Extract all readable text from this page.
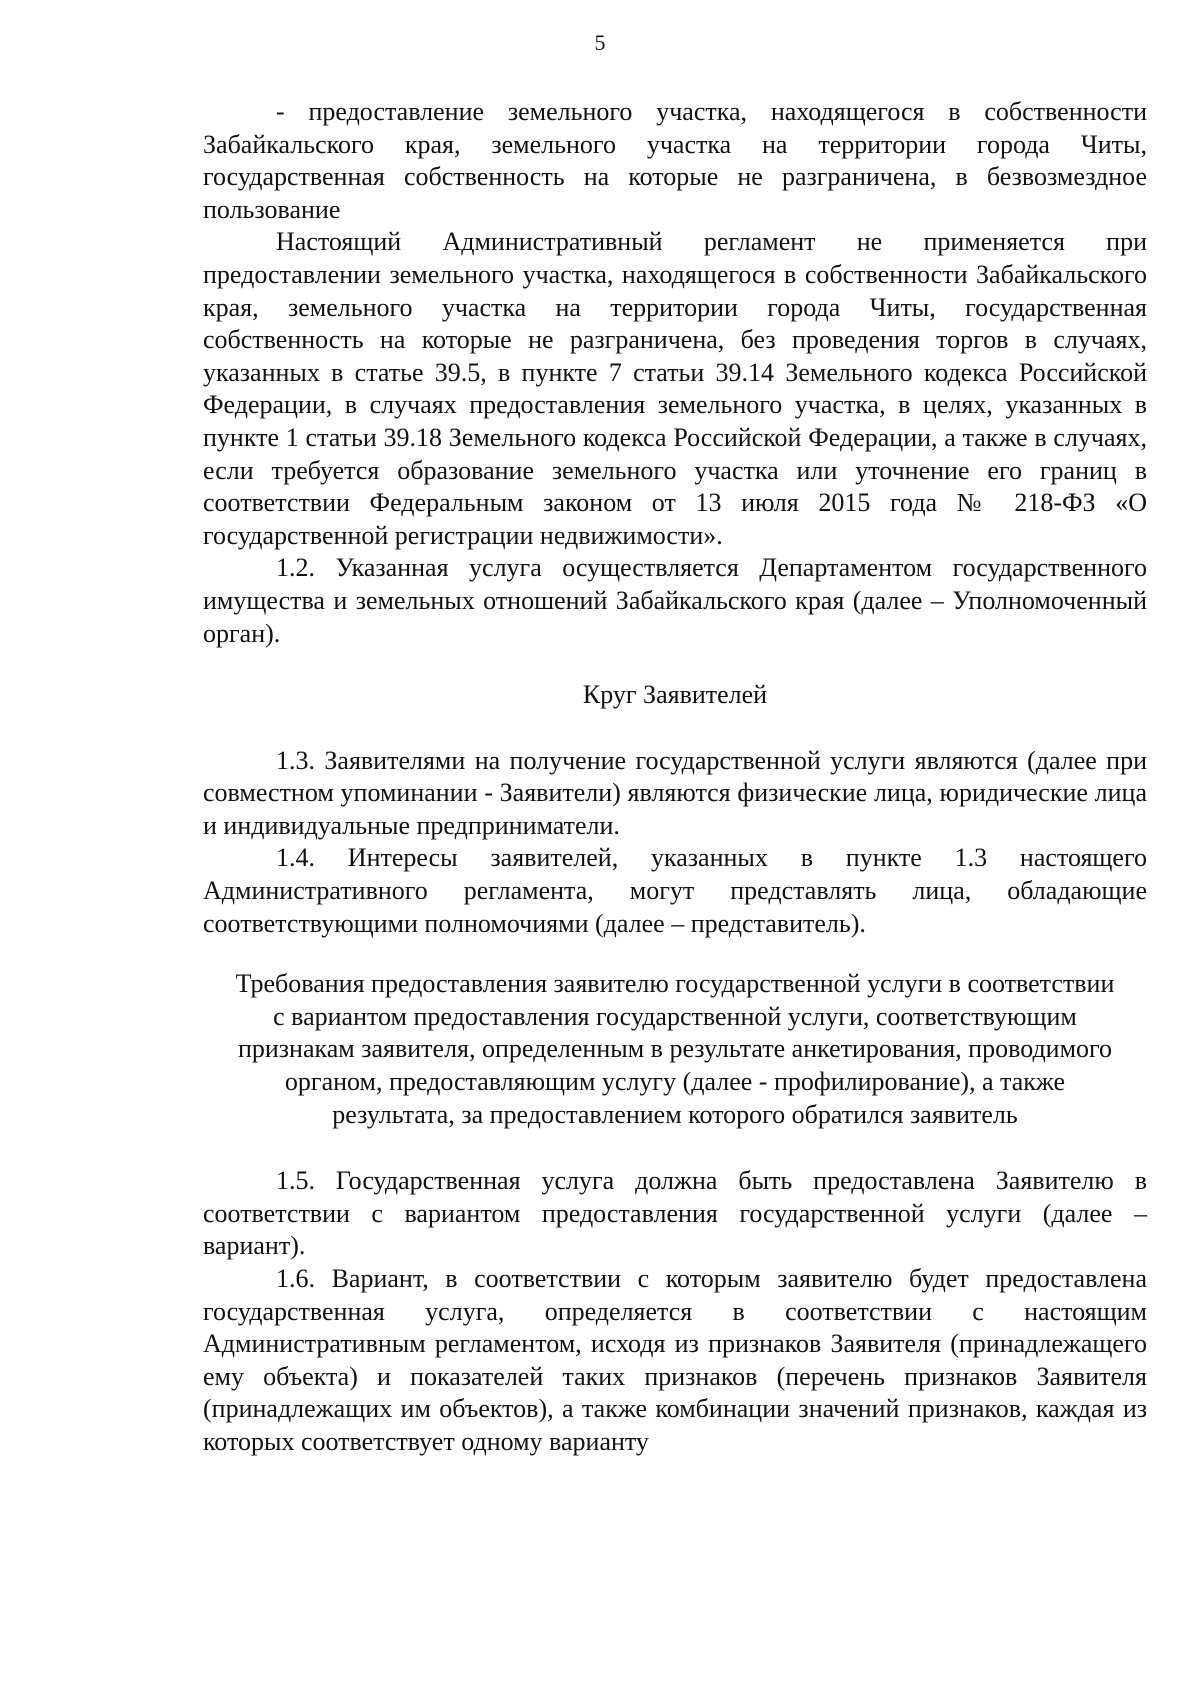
5

- предоставление земельного участка, находящегося в собственности Забайкальского края, земельного участка на территории города Читы, государственная собственность на которые не разграничена, в безвозмездное пользование

Настоящий Административный регламент не применяется при предоставлении земельного участка, находящегося в собственности Забайкальского края, земельного участка на территории города Читы, государственная собственность на которые не разграничена, без проведения торгов в случаях, указанных в статье 39.5, в пункте 7 статьи 39.14 Земельного кодекса Российской Федерации, в случаях предоставления земельного участка, в целях, указанных в пункте 1 статьи 39.18 Земельного кодекса Российской Федерации, а также в случаях, если требуется образование земельного участка или уточнение его границ в соответствии Федеральным законом от 13 июля 2015 года № 218-ФЗ «О государственной регистрации недвижимости».

1.2. Указанная услуга осуществляется Департаментом государственного имущества и земельных отношений Забайкальского края (далее – Уполномоченный орган).

Круг Заявителей

1.3. Заявителями на получение государственной услуги являются (далее при совместном упоминании - Заявители) являются физические лица, юридические лица и индивидуальные предприниматели.

1.4. Интересы заявителей, указанных в пункте 1.3 настоящего Административного регламента, могут представлять лица, обладающие соответствующими полномочиями (далее – представитель).

Требования предоставления заявителю государственной услуги в соответствии с вариантом предоставления государственной услуги, соответствующим признакам заявителя, определенным в результате анкетирования, проводимого органом, предоставляющим услугу (далее - профилирование), а также результата, за предоставлением которого обратился заявитель

1.5. Государственная услуга должна быть предоставлена Заявителю в соответствии с вариантом предоставления государственной услуги (далее – вариант).

1.6. Вариант, в соответствии с которым заявителю будет предоставлена государственная услуга, определяется в соответствии с настоящим Административным регламентом, исходя из признаков Заявителя (принадлежащего ему объекта) и показателей таких признаков (перечень признаков Заявителя (принадлежащих им объектов), а также комбинации значений признаков, каждая из которых соответствует одному варианту
